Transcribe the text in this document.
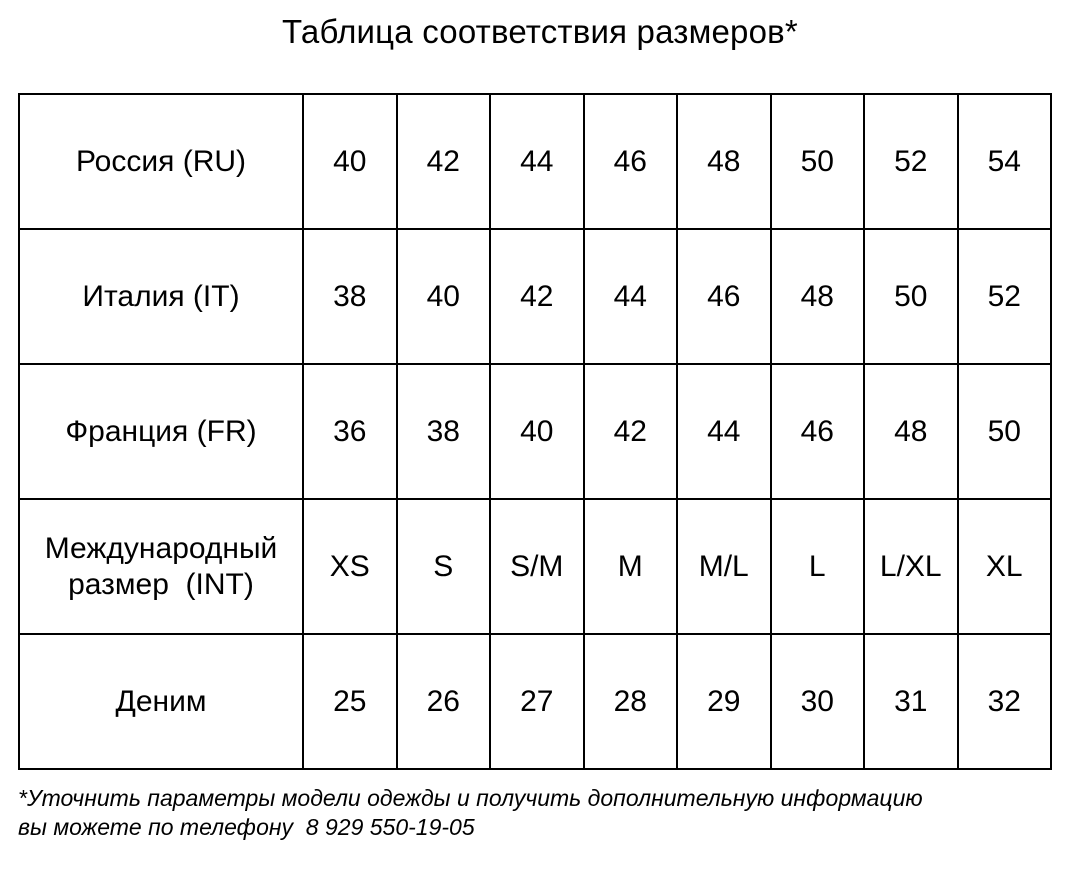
Таблица соответствия размеров*
Россия (RU)	40	42	44	46	48	50	52	54
Италия (IT)	38	40	42	44	46	48	50	52
Франция (FR)	36	38	40	42	44	46	48	50

Международный
размер  (INT)	XS	S	S/M	M	M/L	L	L/XL	XL
Деним	25	26	27	28	29	30	31	32
*Уточнить параметры модели одежды и получить дополнительную информацию
вы можете по телефону  8 929 550-19-05
